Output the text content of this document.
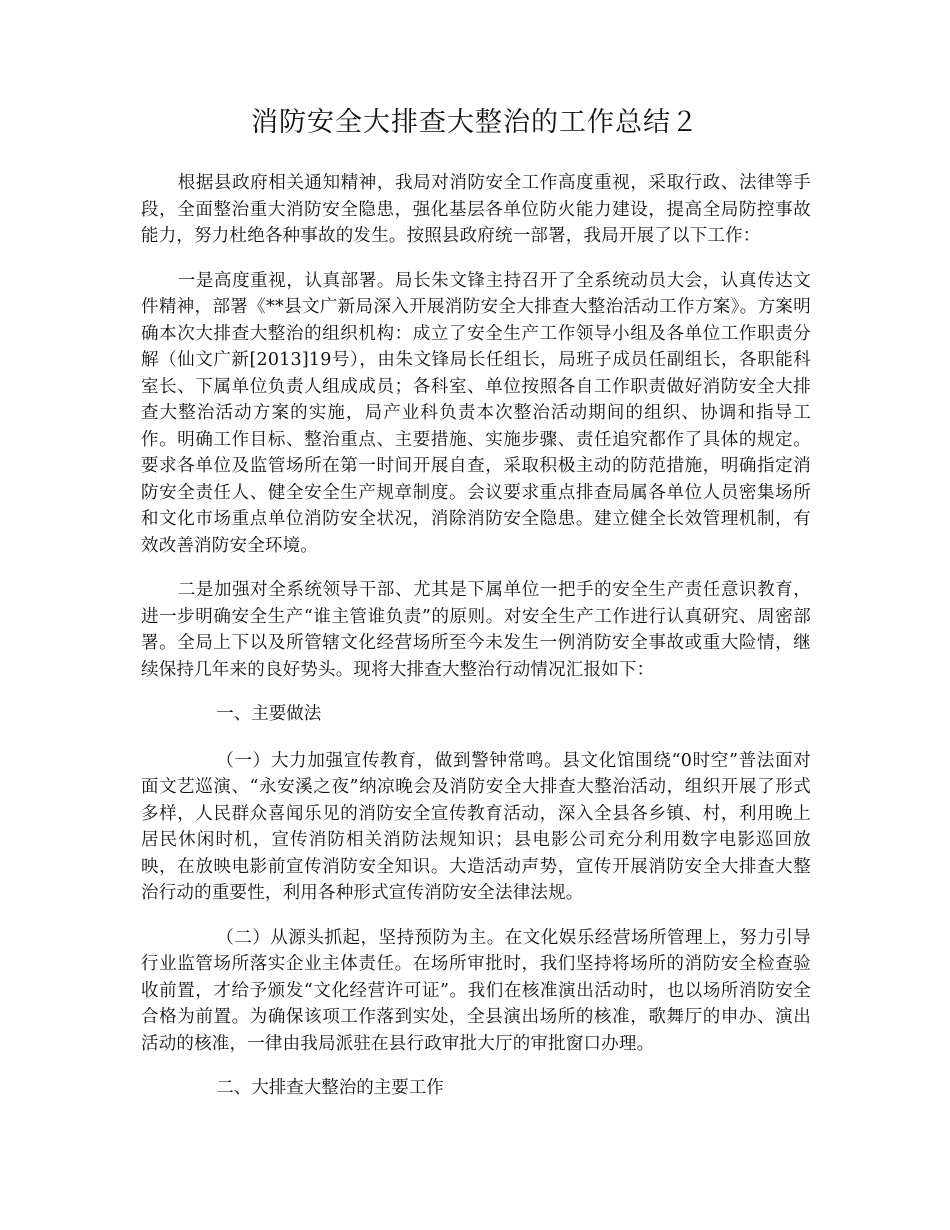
消防安全大排查大整治的工作总结２

根据县政府相关通知精神，我局对消防安全工作高度重视，采取行政、法律等手段，全面整治重大消防安全隐患，强化基层各单位防火能力建设，提高全局防控事故能力，努力杜绝各种事故的发生。按照县政府统一部署，我局开展了以下工作：

一是高度重视，认真部署。局长朱文锋主持召开了全系统动员大会，认真传达文件精神，部署《**县文广新局深入开展消防安全大排查大整治活动工作方案》。方案明确本次大排查大整治的组织机构：成立了安全生产工作领导小组及各单位工作职责分解（仙文广新[2013]19号），由朱文锋局长任组长，局班子成员任副组长，各职能科室长、下属单位负责人组成成员；各科室、单位按照各自工作职责做好消防安全大排查大整治活动方案的实施，局产业科负责本次整治活动期间的组织、协调和指导工作。明确工作目标、整治重点、主要措施、实施步骤、责任追究都作了具体的规定。要求各单位及监管场所在第一时间开展自查，采取积极主动的防范措施，明确指定消防安全责任人、健全安全生产规章制度。会议要求重点排查局属各单位人员密集场所和文化市场重点单位消防安全状况，消除消防安全隐患。建立健全长效管理机制，有效改善消防安全环境。

二是加强对全系统领导干部、尤其是下属单位一把手的安全生产责任意识教育，进一步明确安全生产“谁主管谁负责”的原则。对安全生产工作进行认真研究、周密部署。全局上下以及所管辖文化经营场所至今未发生一例消防安全事故或重大险情，继续保持几年来的良好势头。现将大排查大整治行动情况汇报如下：

一、主要做法

（一）大力加强宣传教育，做到警钟常鸣。县文化馆围绕“0时空”普法面对面文艺巡演、“永安溪之夜”纳凉晚会及消防安全大排查大整治活动，组织开展了形式多样，人民群众喜闻乐见的消防安全宣传教育活动，深入全县各乡镇、村，利用晚上居民休闲时机，宣传消防相关消防法规知识；县电影公司充分利用数字电影巡回放映，在放映电影前宣传消防安全知识。大造活动声势，宣传开展消防安全大排查大整治行动的重要性，利用各种形式宣传消防安全法律法规。

（二）从源头抓起，坚持预防为主。在文化娱乐经营场所管理上，努力引导行业监管场所落实企业主体责任。在场所审批时，我们坚持将场所的消防安全检查验收前置，才给予颁发“文化经营许可证”。我们在核准演出活动时，也以场所消防安全合格为前置。为确保该项工作落到实处，全县演出场所的核准，歌舞厅的申办、演出活动的核准，一律由我局派驻在县行政审批大厅的审批窗口办理。

二、大排查大整治的主要工作
